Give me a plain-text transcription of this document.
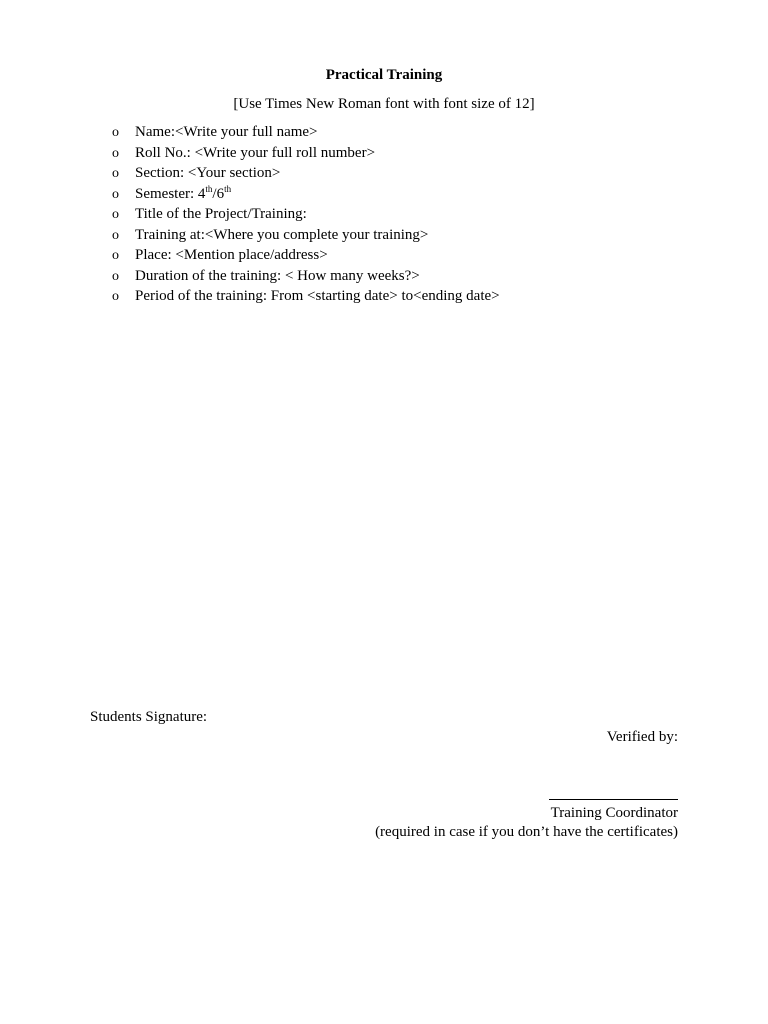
Practical Training
[Use Times New Roman font with font size of 12]
o	Name:<Write your full name>
o	Roll No.: <Write your full roll number>
o	Section: <Your section>
o	Semester: 4th/6th
o	Title of the Project/Training:
o	Training at:<Where you complete your training>
o	Place: <Mention place/address>
o	Duration of the training: < How many weeks?>
o	Period of the training: From <starting date> to<ending date>
Students Signature:
Verified by:
Training Coordinator
(required in case if you don’t have the certificates)
